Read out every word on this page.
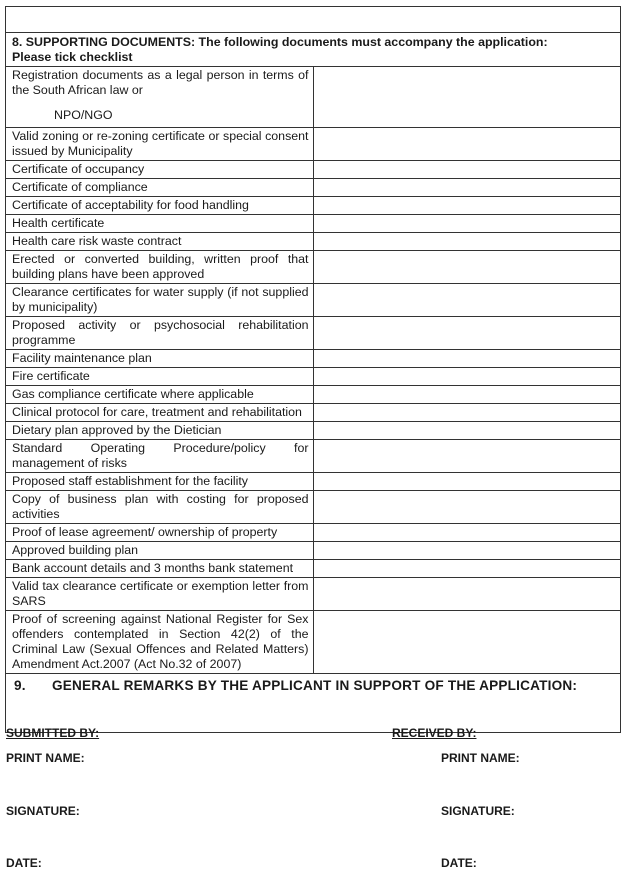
8. SUPPORTING DOCUMENTS: The following documents must accompany the application:
Please tick checklist	

Registration documents as a legal person in terms of the South African law or
NPO/NGO	

Valid zoning or re-zoning certificate or special consent issued by Municipality	
Certificate of occupancy	
Certificate of compliance	
Certificate of acceptability for food handling	
Health certificate	
Health care risk waste contract	
Erected or converted building, written proof that building plans have been approved	
Clearance certificates for water supply (if not supplied by municipality)	
Proposed activity or psychosocial rehabilitation programme	
Facility maintenance plan	
Fire certificate	
Gas compliance certificate where applicable	
Clinical protocol for care, treatment and rehabilitation	
Dietary plan approved by the Dietician	
Standard Operating Procedure/policy for management of risks	
Proposed staff establishment for the facility	
Copy of business plan with costing for proposed activities	
Proof of lease agreement/ ownership of property	
Approved building plan	
Bank account details and 3 months bank statement	
Valid tax clearance certificate or exemption letter from SARS	
Proof of screening against National Register for Sex offenders contemplated in Section 42(2) of the Criminal Law (Sexual Offences and Related Matters) Amendment Act.2007 (Act No.32 of 2007)	
9. GENERAL REMARKS BY THE APPLICANT IN SUPPORT OF THE APPLICATION:
SUBMITTED BY:	RECEIVED BY:
PRINT NAME:	PRINT NAME:
SIGNATURE:	SIGNATURE:
DATE:	DATE:
